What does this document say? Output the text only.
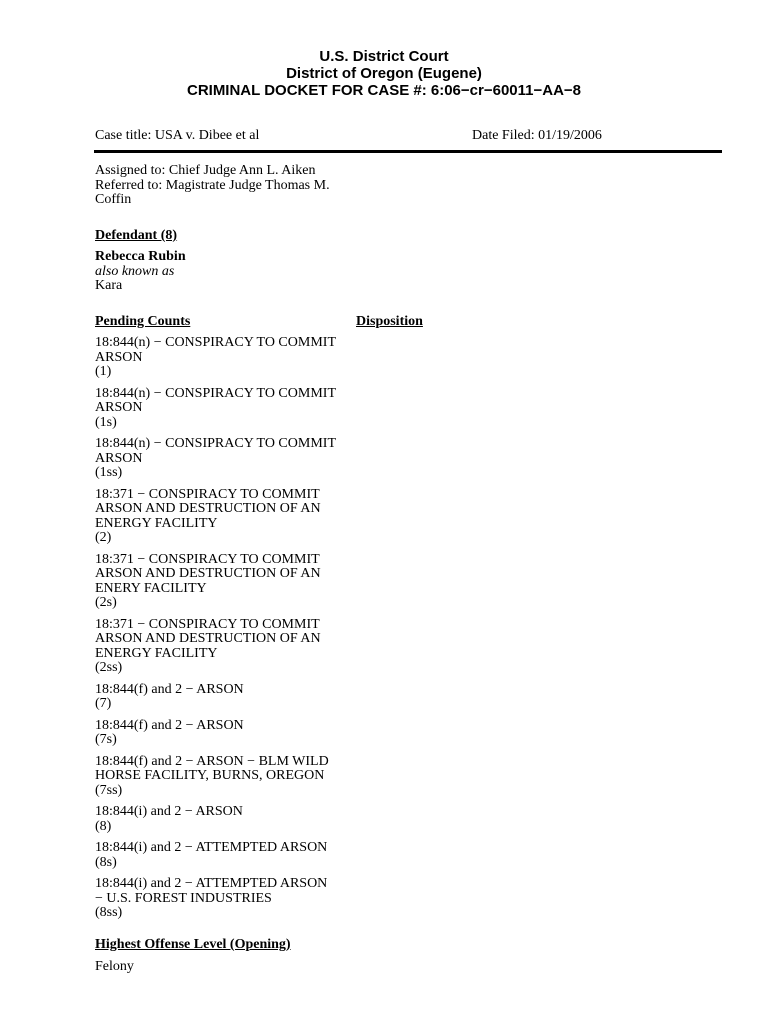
U.S. District Court
District of Oregon (Eugene)
CRIMINAL DOCKET FOR CASE #: 6:06−cr−60011−AA−8
Case title: USA v. Dibee et al	Date Filed: 01/19/2006
Assigned to: Chief Judge Ann L. Aiken
Referred to: Magistrate Judge Thomas M.
Coffin
Defendant (8)
Rebecca Rubin
also known as
Kara
Pending Counts	Disposition
18:844(n) − CONSPIRACY TO COMMIT
ARSON
(1)
18:844(n) − CONSPIRACY TO COMMIT
ARSON
(1s)
18:844(n) − CONSIPRACY TO COMMIT
ARSON
(1ss)
18:371 − CONSPIRACY TO COMMIT
ARSON AND DESTRUCTION OF AN
ENERGY FACILITY
(2)
18:371 − CONSPIRACY TO COMMIT
ARSON AND DESTRUCTION OF AN
ENERY FACILITY
(2s)
18:371 − CONSPIRACY TO COMMIT
ARSON AND DESTRUCTION OF AN
ENERGY FACILITY
(2ss)
18:844(f) and 2 − ARSON
(7)
18:844(f) and 2 − ARSON
(7s)
18:844(f) and 2 − ARSON − BLM WILD
HORSE FACILITY, BURNS, OREGON
(7ss)
18:844(i) and 2 − ARSON
(8)
18:844(i) and 2 − ATTEMPTED ARSON
(8s)
18:844(i) and 2 − ATTEMPTED ARSON
− U.S. FOREST INDUSTRIES
(8ss)
Highest Offense Level (Opening)
Felony
